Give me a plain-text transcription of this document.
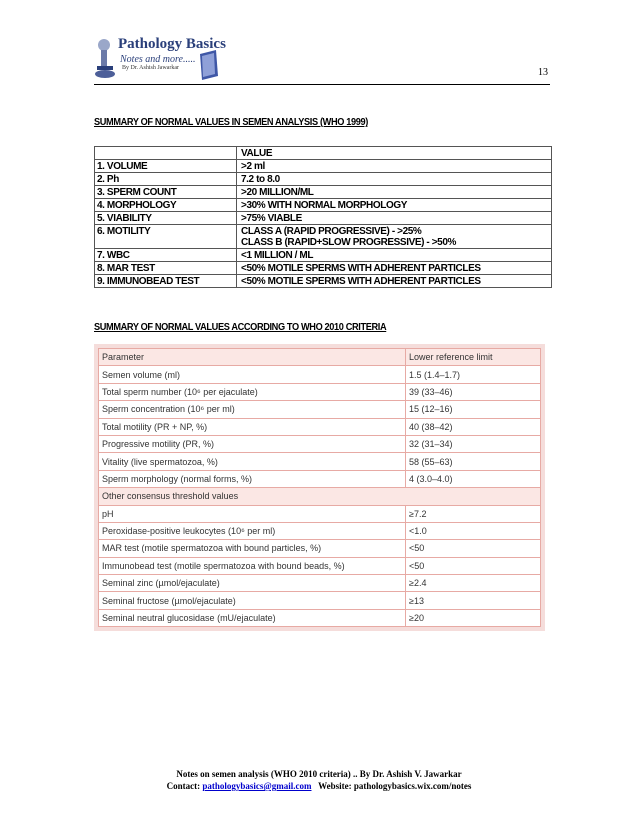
Pathology Basics
Notes and more.....
By Dr. Ashish Jawarkar	13
SUMMARY OF NORMAL VALUES IN SEMEN ANALYSIS (WHO 1999)
	VALUE
1. VOLUME	>2 ml

2. Ph	7.2 to 8.0

3. SPERM COUNT	>20 MILLION/ML

4. MORPHOLOGY	>30% WITH NORMAL MORPHOLOGY

5. VIABILITY	>75% VIABLE

6. MOTILITY	CLASS A (RAPID PROGRESSIVE) - >25%
CLASS B (RAPID+SLOW PROGRESSIVE) - >50%

7. WBC	<1 MILLION / ML

8. MAR TEST	<50% MOTILE SPERMS WITH ADHERENT PARTICLES

9. IMMUNOBEAD TEST	<50% MOTILE SPERMS WITH ADHERENT PARTICLES
SUMMARY OF NORMAL VALUES ACCORDING TO WHO 2010 CRITERIA
Parameter	Lower reference limit
Semen volume (ml)	1.5 (1.4–1.7)
Total sperm number (10⁶ per ejaculate)	39 (33–46)
Sperm concentration (10⁶ per ml)	15 (12–16)
Total motility (PR + NP, %)	40 (38–42)
Progressive motility (PR, %)	32 (31–34)
Vitality (live spermatozoa, %)	58 (55–63)
Sperm morphology (normal forms, %)	4 (3.0–4.0)
Other consensus threshold values	
pH	≥7.2
Peroxidase-positive leukocytes (10⁶ per ml)	<1.0
MAR test (motile spermatozoa with bound particles, %)	<50
Immunobead test (motile spermatozoa with bound beads, %)	<50
Seminal zinc (µmol/ejaculate)	≥2.4
Seminal fructose (µmol/ejaculate)	≥13
Seminal neutral glucosidase (mU/ejaculate)	≥20
Notes on semen analysis (WHO 2010 criteria) .. By Dr. Ashish V. Jawarkar
Contact: pathologybasics@gmail.com Website: pathologybasics.wix.com/notes
